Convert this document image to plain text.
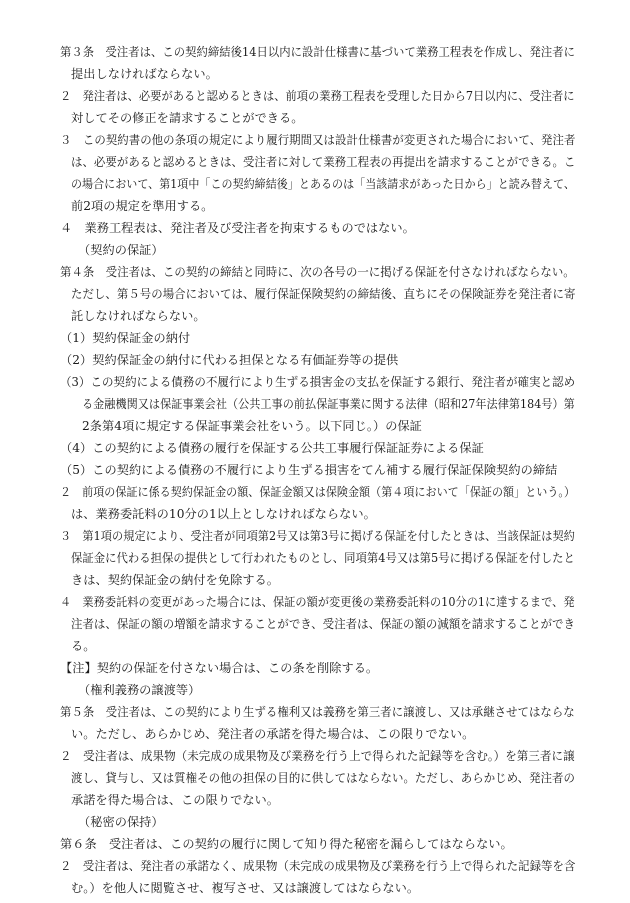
第３条　受注者は、この契約締結後14日以内に設計仕様書に基づいて業務工程表を作成し、発注者に
提出しなければならない。
２　発注者は、必要があると認めるときは、前項の業務工程表を受理した日から7日以内に、受注者に
対してその修正を請求することができる。
３　この契約書の他の条項の規定により履行期間又は設計仕様書が変更された場合において、発注者
は、必要があると認めるときは、受注者に対して業務工程表の再提出を請求することができる。こ
の場合において、第1項中「この契約締結後」とあるのは「当該請求があった日から」と読み替えて、
前2項の規定を準用する。
４　業務工程表は、発注者及び受注者を拘束するものではない。
（契約の保証）
第４条　受注者は、この契約の締結と同時に、次の各号の一に掲げる保証を付さなければならない。
ただし、第５号の場合においては、履行保証保険契約の締結後、直ちにその保険証券を発注者に寄
託しなければならない。
（1）契約保証金の納付
（2）契約保証金の納付に代わる担保となる有価証券等の提供
（3）この契約による債務の不履行により生ずる損害金の支払を保証する銀行、発注者が確実と認め
る金融機関又は保証事業会社（公共工事の前払保証事業に関する法律（昭和27年法律第184号）第
2条第4項に規定する保証事業会社をいう。以下同じ。）の保証
（4）この契約による債務の履行を保証する公共工事履行保証証券による保証
（5）この契約による債務の不履行により生ずる損害をてん補する履行保証保険契約の締結
２　前項の保証に係る契約保証金の額、保証金額又は保険金額（第４項において「保証の額」という。）
は、業務委託料の10分の1以上としなければならない。
３　第1項の規定により、受注者が同項第2号又は第3号に掲げる保証を付したときは、当該保証は契約
保証金に代わる担保の提供として行われたものとし、同項第4号又は第5号に掲げる保証を付したと
きは、契約保証金の納付を免除する。
４　業務委託料の変更があった場合には、保証の額が変更後の業務委託料の10分の1に達するまで、発
注者は、保証の額の増額を請求することができ、受注者は、保証の額の減額を請求することができ
る。
【注】契約の保証を付さない場合は、この条を削除する。
（権利義務の譲渡等）
第５条　受注者は、この契約により生ずる権利又は義務を第三者に譲渡し、又は承継させてはならな
い。ただし、あらかじめ、発注者の承諾を得た場合は、この限りでない。
２　受注者は、成果物（未完成の成果物及び業務を行う上で得られた記録等を含む。）を第三者に譲
渡し、貸与し、又は質権その他の担保の目的に供してはならない。ただし、あらかじめ、発注者の
承諾を得た場合は、この限りでない。
（秘密の保持）
第６条　受注者は、この契約の履行に関して知り得た秘密を漏らしてはならない。
２　受注者は、発注者の承諾なく、成果物（未完成の成果物及び業務を行う上で得られた記録等を含
む。）を他人に閲覧させ、複写させ、又は譲渡してはならない。
